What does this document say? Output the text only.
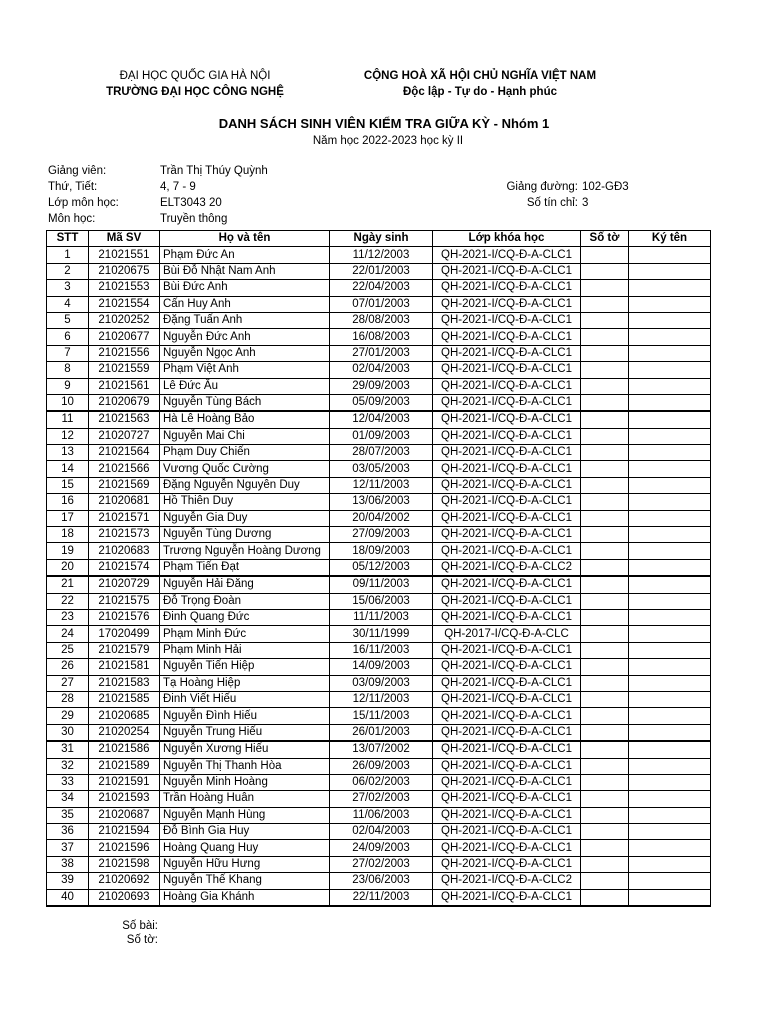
ĐẠI HỌC QUỐC GIA HÀ NỘI
TRƯỜNG ĐẠI HỌC CÔNG NGHỆ
CỘNG HOÀ XÃ HỘI CHỦ NGHĨA VIỆT NAM
Độc lập - Tự do - Hạnh phúc
DANH SÁCH SINH VIÊN KIỂM TRA GIỮA KỲ - Nhóm 1
Năm học 2022-2023 học kỳ II
Giảng viên:	Trần Thị Thúy Quỳnh
Thứ, Tiết:	4, 7 - 9
Lớp môn học:	ELT3043 20
Môn học:	Truyền thông
Giảng đường: 102-GĐ3
Số tín chỉ: 3
STT	Mã SV	Họ và tên	Ngày sinh	Lớp khóa học	Số tờ	Ký tên
1	21021551	Phạm Đức An	11/12/2003	QH-2021-I/CQ-Đ-A-CLC1		
2	21020675	Bùi Đỗ Nhật Nam Anh	22/01/2003	QH-2021-I/CQ-Đ-A-CLC1		
3	21021553	Bùi Đức Anh	22/04/2003	QH-2021-I/CQ-Đ-A-CLC1		
4	21021554	Cấn Huy Anh	07/01/2003	QH-2021-I/CQ-Đ-A-CLC1		
5	21020252	Đặng Tuấn Anh	28/08/2003	QH-2021-I/CQ-Đ-A-CLC1		
6	21020677	Nguyễn Đức Anh	16/08/2003	QH-2021-I/CQ-Đ-A-CLC1		
7	21021556	Nguyễn Ngọc Anh	27/01/2003	QH-2021-I/CQ-Đ-A-CLC1		
8	21021559	Phạm Việt Anh	02/04/2003	QH-2021-I/CQ-Đ-A-CLC1		
9	21021561	Lê Đức Âu	29/09/2003	QH-2021-I/CQ-Đ-A-CLC1		
10	21020679	Nguyễn Tùng Bách	05/09/2003	QH-2021-I/CQ-Đ-A-CLC1		
11	21021563	Hà Lê Hoàng Bảo	12/04/2003	QH-2021-I/CQ-Đ-A-CLC1		
12	21020727	Nguyễn Mai Chi	01/09/2003	QH-2021-I/CQ-Đ-A-CLC1		
13	21021564	Phạm Duy Chiến	28/07/2003	QH-2021-I/CQ-Đ-A-CLC1		
14	21021566	Vương Quốc Cường	03/05/2003	QH-2021-I/CQ-Đ-A-CLC1		
15	21021569	Đặng Nguyễn Nguyên Duy	12/11/2003	QH-2021-I/CQ-Đ-A-CLC1		
16	21020681	Hồ Thiên Duy	13/06/2003	QH-2021-I/CQ-Đ-A-CLC1		
17	21021571	Nguyễn Gia Duy	20/04/2002	QH-2021-I/CQ-Đ-A-CLC1		
18	21021573	Nguyễn Tùng Dương	27/09/2003	QH-2021-I/CQ-Đ-A-CLC1		
19	21020683	Trương Nguyễn Hoàng Dương	18/09/2003	QH-2021-I/CQ-Đ-A-CLC1		
20	21021574	Phạm Tiến Đạt	05/12/2003	QH-2021-I/CQ-Đ-A-CLC2		
21	21020729	Nguyễn Hải Đăng	09/11/2003	QH-2021-I/CQ-Đ-A-CLC1		
22	21021575	Đỗ Trọng Đoàn	15/06/2003	QH-2021-I/CQ-Đ-A-CLC1		
23	21021576	Đinh Quang Đức	11/11/2003	QH-2021-I/CQ-Đ-A-CLC1		
24	17020499	Phạm Minh Đức	30/11/1999	QH-2017-I/CQ-Đ-A-CLC		
25	21021579	Phạm Minh Hải	16/11/2003	QH-2021-I/CQ-Đ-A-CLC1		
26	21021581	Nguyễn Tiến Hiệp	14/09/2003	QH-2021-I/CQ-Đ-A-CLC1		
27	21021583	Tạ Hoàng Hiệp	03/09/2003	QH-2021-I/CQ-Đ-A-CLC1		
28	21021585	Đinh Viết Hiếu	12/11/2003	QH-2021-I/CQ-Đ-A-CLC1		
29	21020685	Nguyễn Đình Hiếu	15/11/2003	QH-2021-I/CQ-Đ-A-CLC1		
30	21020254	Nguyễn Trung Hiếu	26/01/2003	QH-2021-I/CQ-Đ-A-CLC1		
31	21021586	Nguyễn Xương Hiếu	13/07/2002	QH-2021-I/CQ-Đ-A-CLC1		
32	21021589	Nguyễn Thị Thanh Hòa	26/09/2003	QH-2021-I/CQ-Đ-A-CLC1		
33	21021591	Nguyễn Minh Hoàng	06/02/2003	QH-2021-I/CQ-Đ-A-CLC1		
34	21021593	Trần Hoàng Huân	27/02/2003	QH-2021-I/CQ-Đ-A-CLC1		
35	21020687	Nguyễn Mạnh Hùng	11/06/2003	QH-2021-I/CQ-Đ-A-CLC1		
36	21021594	Đỗ Bình Gia Huy	02/04/2003	QH-2021-I/CQ-Đ-A-CLC1		
37	21021596	Hoàng Quang Huy	24/09/2003	QH-2021-I/CQ-Đ-A-CLC1		
38	21021598	Nguyễn Hữu Hưng	27/02/2003	QH-2021-I/CQ-Đ-A-CLC1		
39	21020692	Nguyễn Thế Khang	23/06/2003	QH-2021-I/CQ-Đ-A-CLC2		
40	21020693	Hoàng Gia Khánh	22/11/2003	QH-2021-I/CQ-Đ-A-CLC1		
Số bài:
Số tờ:
